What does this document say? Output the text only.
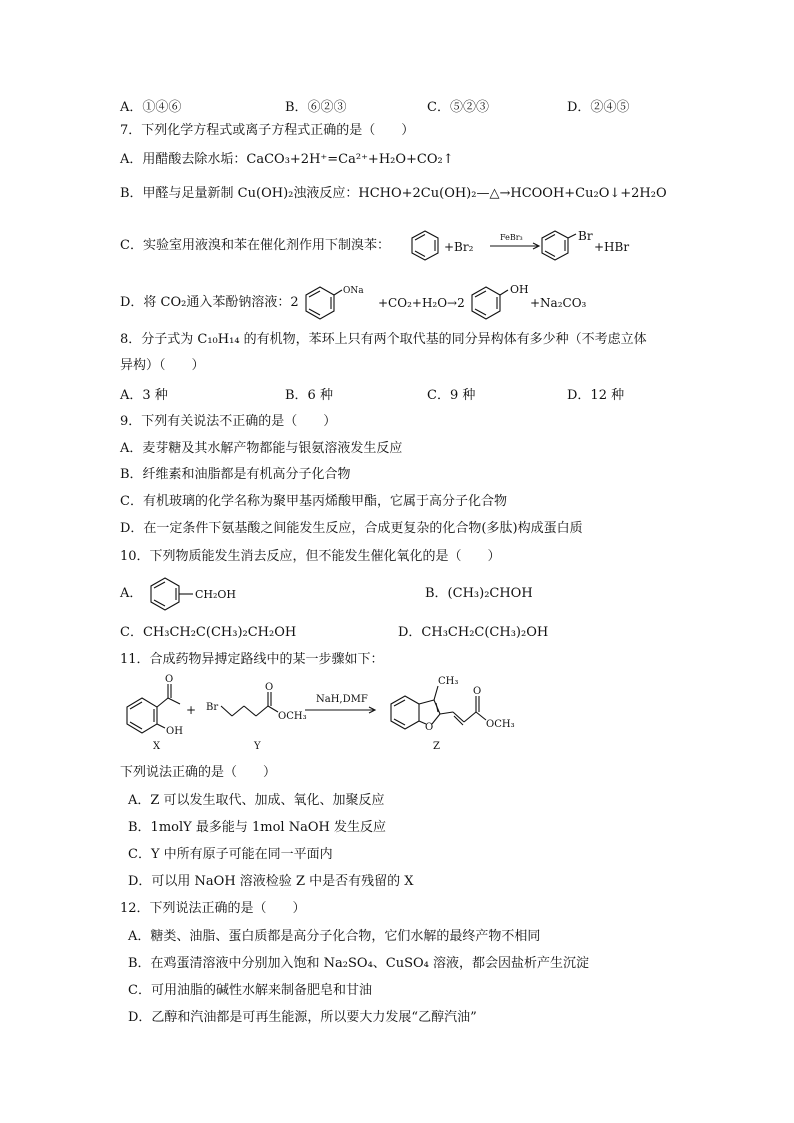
A．①④⑥	B．⑥②③	C．⑤②③	D．②④⑤
7．下列化学方程式或离子方程式正确的是（　　）
A．用醋酸去除水垢：CaCO₃+2H⁺=Ca²⁺+H₂O+CO₂↑
B．甲醛与足量新制 Cu(OH)₂浊液反应：HCHO+2Cu(OH)₂—△→HCOOH+Cu₂O↓+2H₂O
C．实验室用液溴和苯在催化剂作用下制溴苯：	+Br₂
FeBr₃	Br
+HBr
D．将 CO₂通入苯酚钠溶液：2
ONa
+CO₂+H₂O→2
OH
+Na₂CO₃
8．分子式为 C₁₀H₁₄ 的有机物，苯环上只有两个取代基的同分异构体有多少种（不考虑立体
异构）（　　）
A．3 种	B．6 种	C．9 种	D．12 种
9．下列有关说法不正确的是（　　）
A．麦芽糖及其水解产物都能与银氨溶液发生反应
B．纤维素和油脂都是有机高分子化合物
C．有机玻璃的化学名称为聚甲基丙烯酸甲酯，它属于高分子化合物
D．在一定条件下氨基酸之间能发生反应，合成更复杂的化合物(多肽)构成蛋白质
10．下列物质能发生消去反应，但不能发生催化氧化的是（　　）
A．	CH₂OH	B．(CH₃)₂CHOH
C．CH₃CH₂C(CH₃)₂CH₂OH	D．CH₃CH₂C(CH₃)₂OH
11．合成药物异搏定路线中的某一步骤如下：
O
OH
X
+ Br
O
OCH₃
Y
NaH,DMF
CH₃
O
O
OCH₃
Z
下列说法正确的是（　　）
A．Z 可以发生取代、加成、氧化、加聚反应
B．1molY 最多能与 1mol NaOH 发生反应
C．Y 中所有原子可能在同一平面内
D．可以用 NaOH 溶液检验 Z 中是否有残留的 X
12．下列说法正确的是（　　）
A．糖类、油脂、蛋白质都是高分子化合物，它们水解的最终产物不相同
B．在鸡蛋清溶液中分别加入饱和 Na₂SO₄、CuSO₄ 溶液，都会因盐析产生沉淀
C．可用油脂的碱性水解来制备肥皂和甘油
D．乙醇和汽油都是可再生能源，所以要大力发展“乙醇汽油”
